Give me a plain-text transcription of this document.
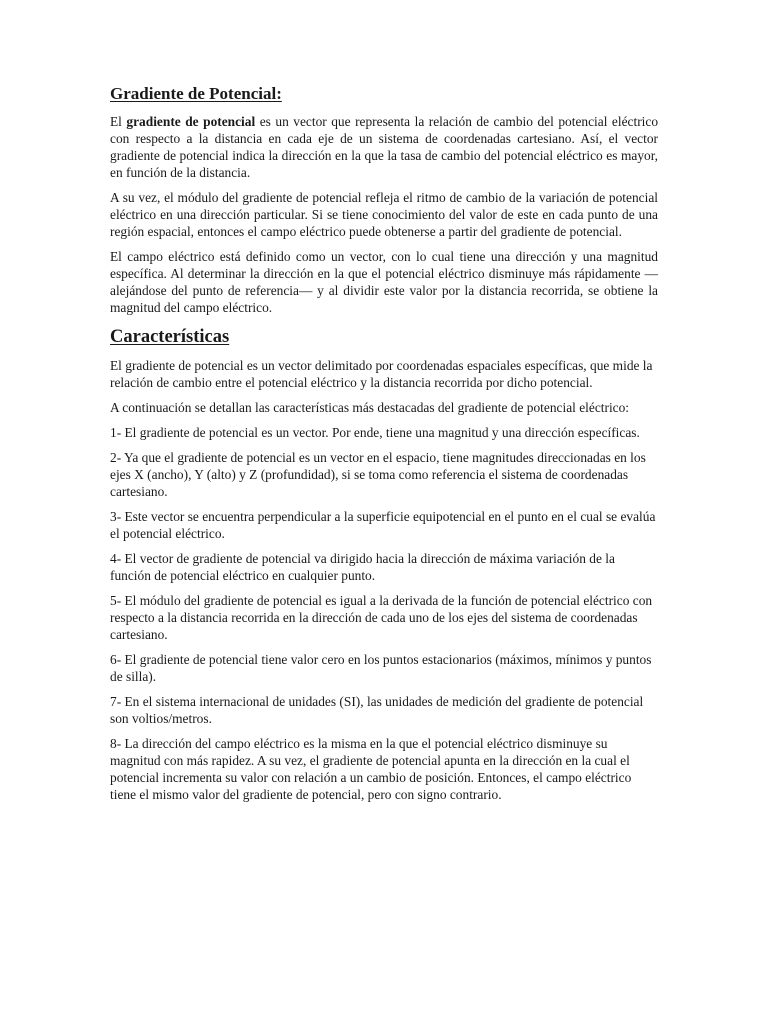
Gradiente de Potencial:

El gradiente de potencial es un vector que representa la relación de cambio del potencial eléctrico con respecto a la distancia en cada eje de un sistema de coordenadas cartesiano. Así, el vector gradiente de potencial indica la dirección en la que la tasa de cambio del potencial eléctrico es mayor, en función de la distancia.

A su vez, el módulo del gradiente de potencial refleja el ritmo de cambio de la variación de potencial eléctrico en una dirección particular. Si se tiene conocimiento del valor de este en cada punto de una región espacial, entonces el campo eléctrico puede obtenerse a partir del gradiente de potencial.

El campo eléctrico está definido como un vector, con lo cual tiene una dirección y una magnitud específica. Al determinar la dirección en la que el potencial eléctrico disminuye más rápidamente —alejándose del punto de referencia— y al dividir este valor por la distancia recorrida, se obtiene la magnitud del campo eléctrico.

Características

El gradiente de potencial es un vector delimitado por coordenadas espaciales específicas, que mide la relación de cambio entre el potencial eléctrico y la distancia recorrida por dicho potencial.

A continuación se detallan las características más destacadas del gradiente de potencial eléctrico:

1- El gradiente de potencial es un vector. Por ende, tiene una magnitud y una dirección específicas.

2- Ya que el gradiente de potencial es un vector en el espacio, tiene magnitudes direccionadas en los ejes X (ancho), Y (alto) y Z (profundidad), si se toma como referencia el sistema de coordenadas cartesiano.

3- Este vector se encuentra perpendicular a la superficie equipotencial en el punto en el cual se evalúa el potencial eléctrico.

4- El vector de gradiente de potencial va dirigido hacia la dirección de máxima variación de la función de potencial eléctrico en cualquier punto.

5- El módulo del gradiente de potencial es igual a la derivada de la función de potencial eléctrico con respecto a la distancia recorrida en la dirección de cada uno de los ejes del sistema de coordenadas cartesiano.

6- El gradiente de potencial tiene valor cero en los puntos estacionarios (máximos, mínimos y puntos de silla).

7- En el sistema internacional de unidades (SI), las unidades de medición del gradiente de potencial son voltios/metros.

8- La dirección del campo eléctrico es la misma en la que el potencial eléctrico disminuye su magnitud con más rapidez. A su vez, el gradiente de potencial apunta en la dirección en la cual el potencial incrementa su valor con relación a un cambio de posición. Entonces, el campo eléctrico tiene el mismo valor del gradiente de potencial, pero con signo contrario.
